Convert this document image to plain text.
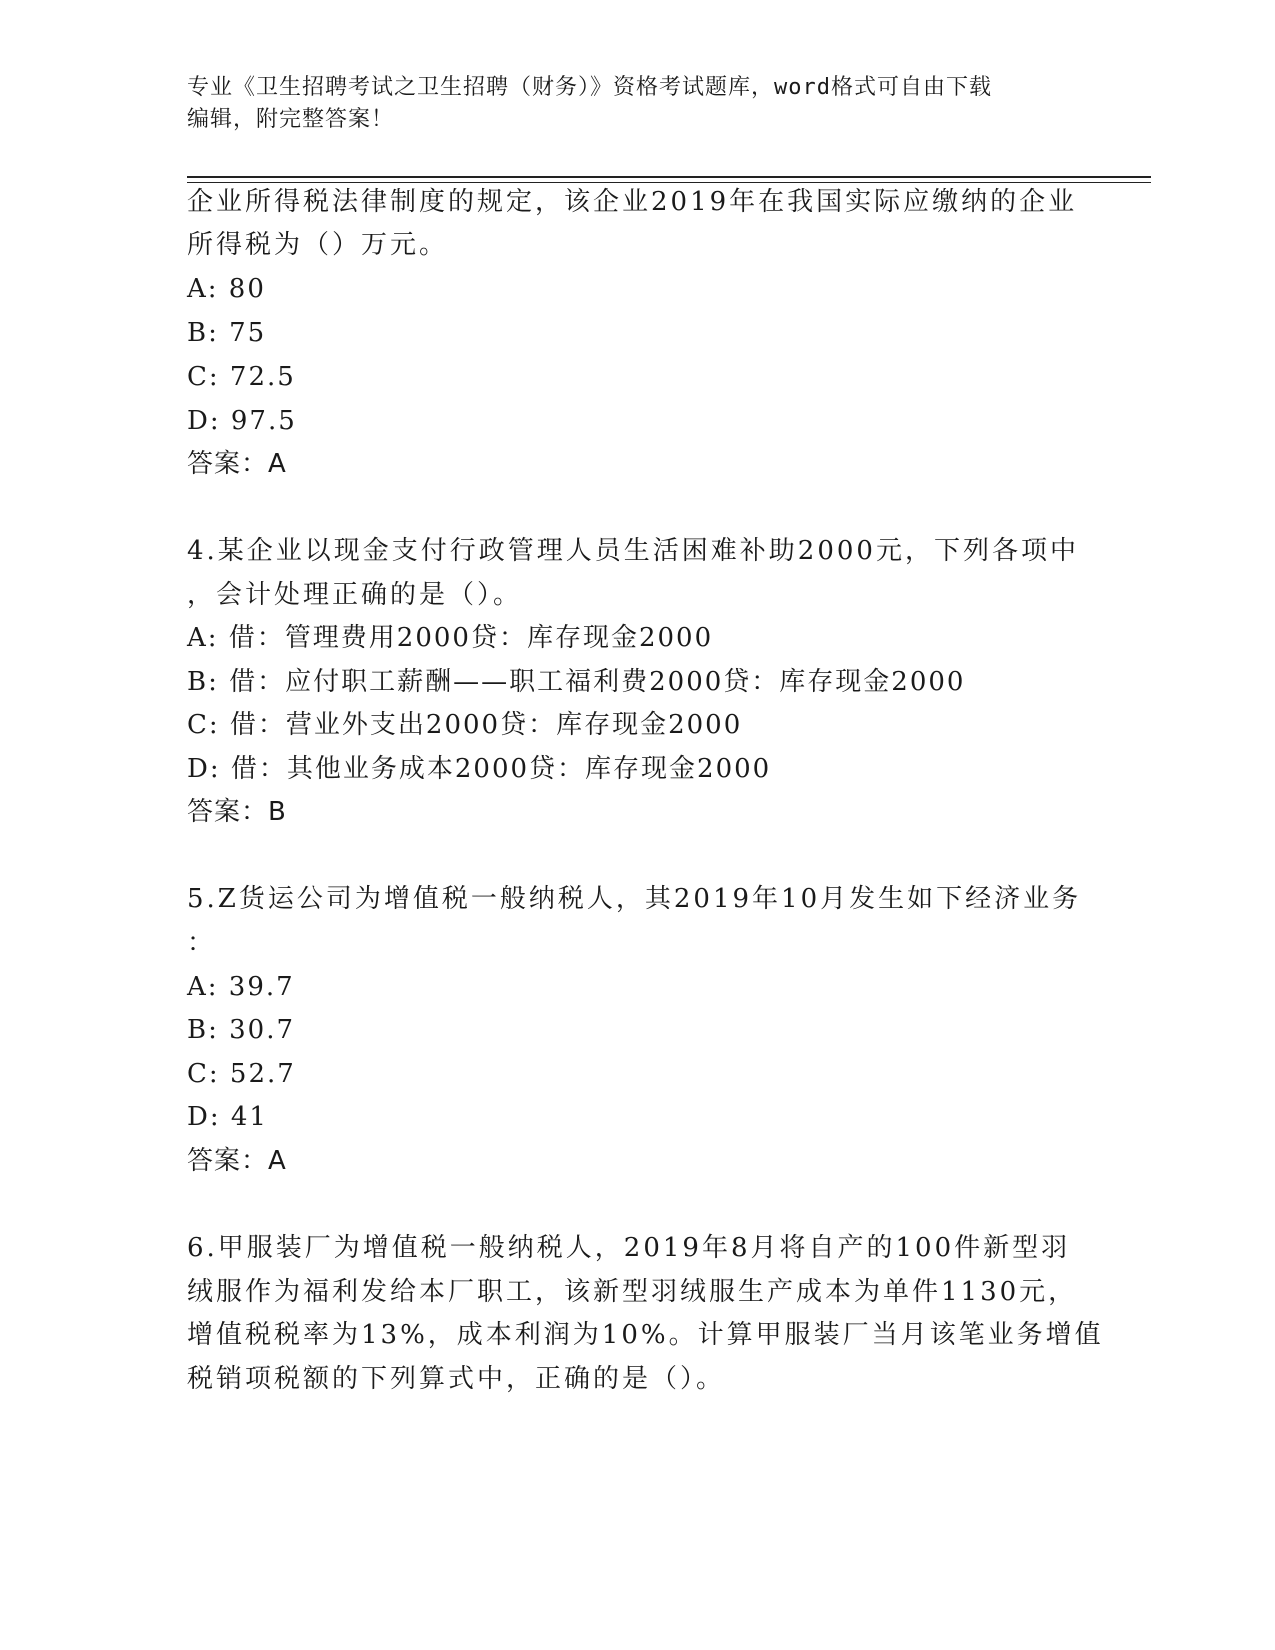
专业《卫生招聘考试之卫生招聘（财务）》资格考试题库，word格式可自由下载
编辑，附完整答案！
企业所得税法律制度的规定，该企业2019年在我国实际应缴纳的企业
所得税为（）万元。
A: 80
B: 75
C: 72.5
D: 97.5
答案：A
4.某企业以现金支付行政管理人员生活困难补助2000元，下列各项中
，会计处理正确的是（）。
A: 借：管理费用2000贷：库存现金2000
B: 借：应付职工薪酬——职工福利费2000贷：库存现金2000
C: 借：营业外支出2000贷：库存现金2000
D: 借：其他业务成本2000贷：库存现金2000
答案：B
5.Z货运公司为增值税一般纳税人，其2019年10月发生如下经济业务
：
A: 39.7
B: 30.7
C: 52.7
D: 41
答案：A
6.甲服装厂为增值税一般纳税人，2019年8月将自产的100件新型羽
绒服作为福利发给本厂职工，该新型羽绒服生产成本为单件1130元，
增值税税率为13%，成本利润为10%。计算甲服装厂当月该笔业务增值
税销项税额的下列算式中，正确的是（）。
